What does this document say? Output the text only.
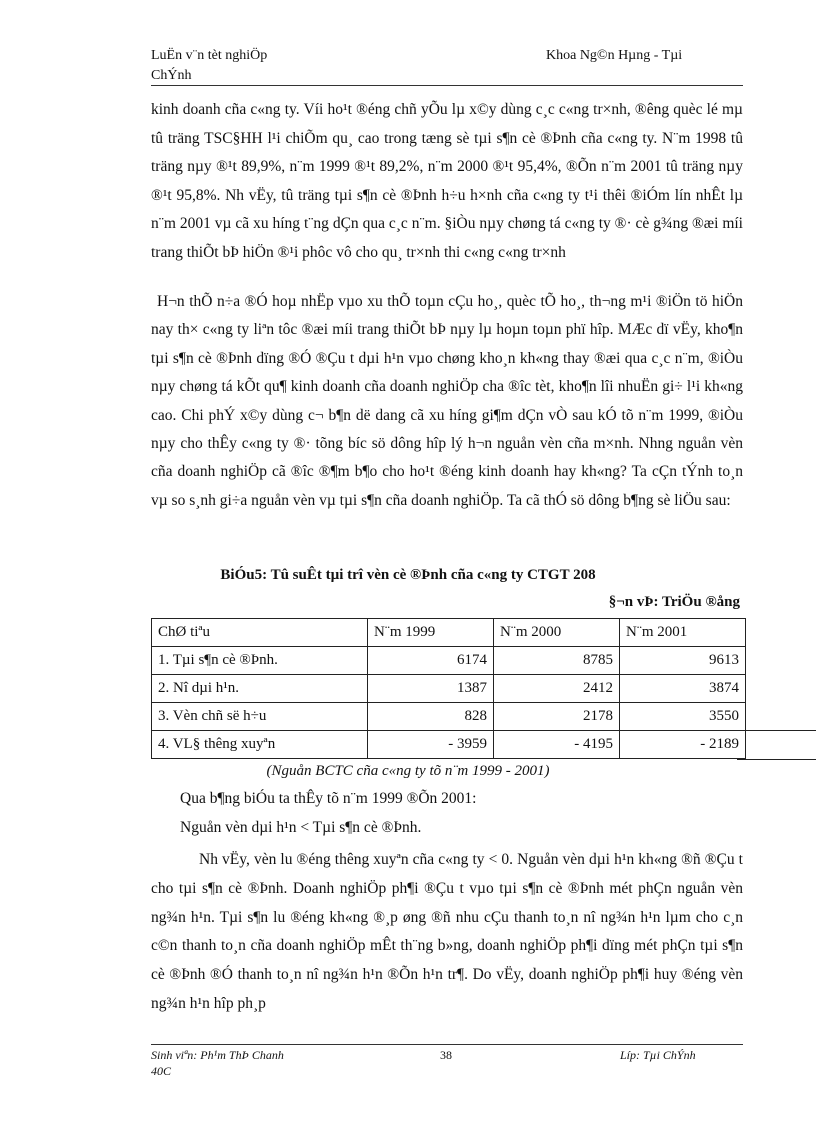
LuËn v¨n tèt nghiÖp
ChÝnh
Khoa Ng©n Hµng - Tµi

kinh doanh cña c«ng ty. Víi ho¹t ®éng chñ yÕu lµ x©y dùng c¸c c«ng tr×nh, ®êng quèc lé mµ tû träng TSC§HH l¹i chiÕm qu¸ cao trong tæng sè tµi s¶n cè ®Þnh cña c«ng ty. N¨m 1998 tû träng nµy ®¹t 89,9%, n¨m 1999 ®¹t 89,2%, n¨m 2000 ®¹t 95,4%, ®Õn n¨m 2001 tû träng nµy ®¹t 95,8%. Nh vËy, tû träng tµi s¶n cè ®Þnh h÷u h×nh cña c«ng ty t¹i thêi ®iÓm lín nhÊt lµ n¨m 2001 vµ cã xu híng t¨ng dÇn qua c¸c n¨m. §iÒu nµy chøng tá c«ng ty ®· cè g¾ng ®æi míi trang thiÕt bÞ hiÖn ®¹i phôc vô cho qu¸ tr×nh thi c«ng c«ng tr×nh

H¬n thÕ n÷a ®Ó hoµ nhËp vµo xu thÕ toµn cÇu ho¸, quèc tÕ ho¸, th¬ng m¹i ®iÖn tö hiÖn nay th× c«ng ty liªn tôc ®æi míi trang thiÕt bÞ nµy lµ hoµn toµn phï hîp. MÆc dï vËy, kho¶n tµi s¶n cè ®Þnh dïng ®Ó ®Çu t dµi h¹n vµo chøng kho¸n kh«ng thay ®æi qua c¸c n¨m, ®iÒu nµy chøng tá kÕt qu¶ kinh doanh cña doanh nghiÖp cha ®îc tèt, kho¶n lîi nhuËn gi÷ l¹i kh«ng cao. Chi phÝ x©y dùng c¬ b¶n dë dang cã xu híng gi¶m dÇn vÒ sau kÓ tõ n¨m 1999, ®iÒu nµy cho thÊy c«ng ty ®· tõng bíc sö dông hîp lý h¬n nguån vèn cña m×nh. Nhng nguån vèn cña doanh nghiÖp cã ®îc ®¶m b¶o cho ho¹t ®éng kinh doanh hay kh«ng? Ta cÇn tÝnh to¸n vµ so s¸nh gi÷a nguån vèn vµ tµi s¶n cña doanh nghiÖp. Ta cã thÓ sö dông b¶ng sè liÖu sau:

BiÓu5: Tû suÊt tµi trî vèn cè ®Þnh cña c«ng ty CTGT 208
§¬n vÞ: TriÖu ®ång
ChØ tiªu	N¨m 1999	N¨m 2000	N¨m 2001
1. Tµi s¶n cè ®Þnh.	6174	8785	9613
2. Nî dµi h¹n.	1387	2412	3874
3. Vèn chñ së h÷u	828	2178	3550
4. VL§ thêng xuyªn	- 3959	- 4195	- 2189
(Nguån BCTC cña c«ng ty tõ n¨m 1999 - 2001)
Qua b¶ng biÓu ta thÊy tõ n¨m 1999 ®Õn 2001:
Nguån vèn dµi h¹n < Tµi s¶n cè ®Þnh.

Nh vËy, vèn lu ®éng thêng xuyªn cña c«ng ty < 0. Nguån vèn dµi h¹n kh«ng ®ñ ®Çu t cho tµi s¶n cè ®Þnh. Doanh nghiÖp ph¶i ®Çu t vµo tµi s¶n cè ®Þnh mét phÇn nguån vèn ng¾n h¹n. Tµi s¶n lu ®éng kh«ng ®¸p øng ®ñ nhu cÇu thanh to¸n nî ng¾n h¹n lµm cho c¸n c©n thanh to¸n cña doanh nghiÖp mÊt th¨ng b»ng, doanh nghiÖp ph¶i dïng mét phÇn tµi s¶n cè ®Þnh ®Ó thanh to¸n nî ng¾n h¹n ®Õn h¹n tr¶. Do vËy, doanh nghiÖp ph¶i huy ®éng vèn ng¾n h¹n hîp ph¸p

Sinh viªn: Ph¹m ThÞ Chanh
40C
38	Líp: Tµi ChÝnh
